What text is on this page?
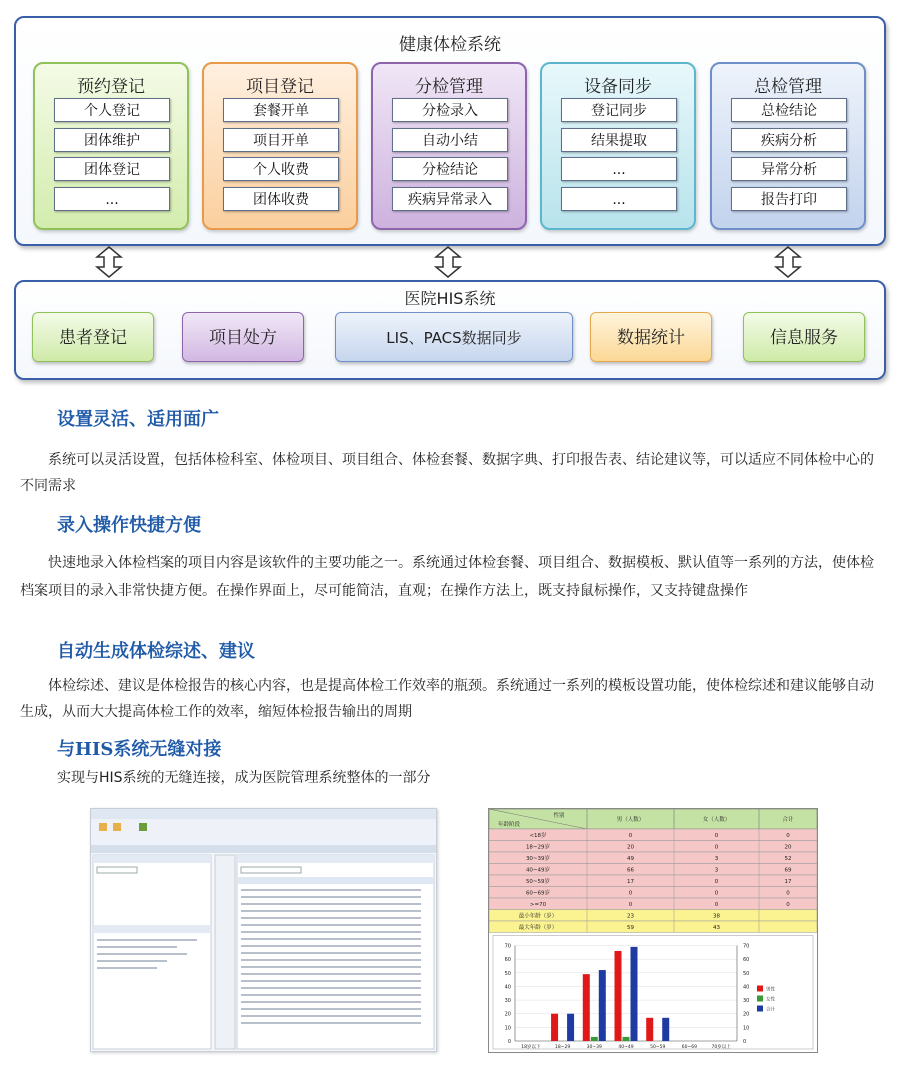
健康体检系统
预约登记
个人登记
团体维护
团体登记
...
项目登记
套餐开单
项目开单
个人收费
团体收费
分检管理
分检录入
自动小结
分检结论
疾病异常录入
设备同步
登记同步
结果提取
...
...
总检管理
总检结论
疾病分析
异常分析
报告打印
医院HIS系统
患者登记	项目处方	LIS、PACS数据同步	数据统计	信息服务
设置灵活、适用面广
系统可以灵活设置，包括体检科室、体检项目、项目组合、体检套餐、数据字典、打印报告表、结论建议等，可以适应不同体检中心的不同需求
录入操作快捷方便
快速地录入体检档案的项目内容是该软件的主要功能之一。系统通过体检套餐、项目组合、数据模板、默认值等一系列的方法，使体检档案项目的录入非常快捷方便。在操作界面上，尽可能简洁，直观；在操作方法上，既支持鼠标操作，又支持键盘操作
自动生成体检综述、建议
体检综述、建议是体检报告的核心内容，也是提高体检工作效率的瓶颈。系统通过一系列的模板设置功能，使体检综述和建议能够自动生成，从而大大提高体检工作的效率，缩短体检报告输出的周期
与HIS系统无缝对接
实现与HIS系统的无缝连接，成为医院管理系统整体的一部分
性别
年龄阶段
男（人数）	女（人数）	合计
<18岁	0	0	0
18~29岁	20	0	20
30~39岁	49	3	52
40~49岁	66	3	69
50~59岁	17	0	17
60~69岁	0	0	0
>=70	0	0	0
最小年龄（岁）	23	38
最大年龄（岁）	59	43
0	0
10	10
20	20
30	30
40	40
50	50
60	60
70	70
18岁以下	18~29	30~39	40~49	50~59	60~69	70岁以上
男性
女性
合计
